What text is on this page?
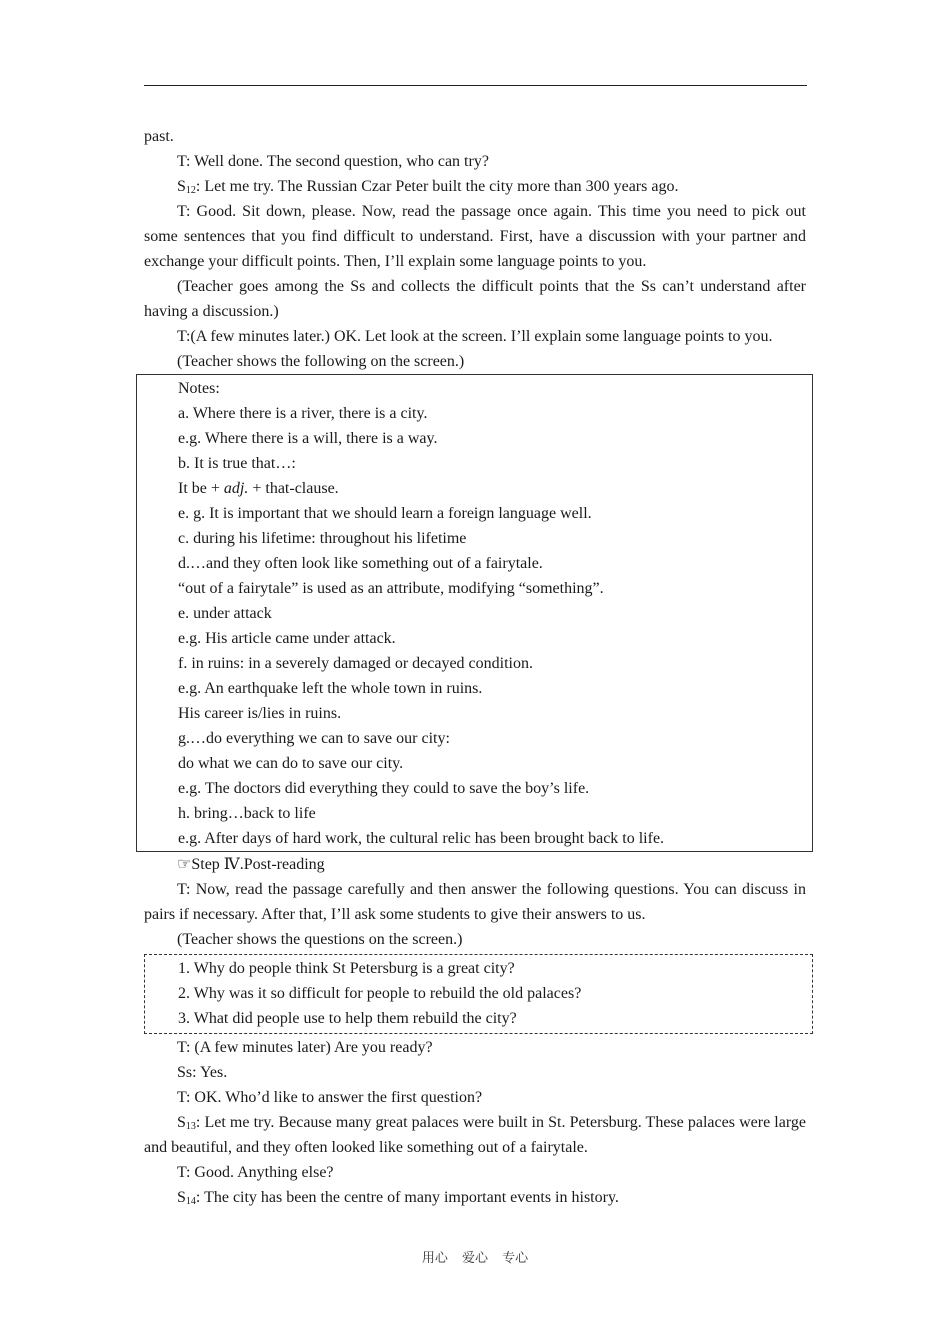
past.

T: Well done. The second question, who can try?

$S_{12}$: Let me try. The Russian Czar Peter built the city more than 300 years ago.

T: Good. Sit down, please. Now, read the passage once again. This time you need to pick out some sentences that you find difficult to understand. First, have a discussion with your partner and exchange your difficult points. Then, I’ll explain some language points to you.

(Teacher goes among the Ss and collects the difficult points that the Ss can’t understand after having a discussion.)

T:(A few minutes later.) OK. Let look at the screen. I’ll explain some language points to you.

(Teacher shows the following on the screen.)

Notes:

a. Where there is a river, there is a city.

e.g. Where there is a will, there is a way.

b. It is true that…:

It be + adj. + that-clause.

e. g. It is important that we should learn a foreign language well.

c. during his lifetime: throughout his lifetime

d.…and they often look like something out of a fairytale.

“out of a fairytale” is used as an attribute, modifying “something”.

e. under attack

e.g. His article came under attack.

f. in ruins: in a severely damaged or decayed condition.

e.g. An earthquake left the whole town in ruins.

His career is/lies in ruins.

g.…do everything we can to save our city:

do what we can do to save our city.

e.g. The doctors did everything they could to save the boy’s life.

h. bring…back to life

e.g. After days of hard work, the cultural relic has been brought back to life.

☞Step Ⅳ.Post-reading

T: Now, read the passage carefully and then answer the following questions. You can discuss in pairs if necessary. After that, I’ll ask some students to give their answers to us.

(Teacher shows the questions on the screen.)

1. Why do people think St Petersburg is a great city?

2. Why was it so difficult for people to rebuild the old palaces?

3. What did people use to help them rebuild the city?

T: (A few minutes later) Are you ready?

Ss: Yes.

T: OK. Who’d like to answer the first question?

$S_{13}$: Let me try. Because many great palaces were built in St. Petersburg. These palaces were large and beautiful, and they often looked like something out of a fairytale.

T: Good. Anything else?

$S_{14}$: The city has been the centre of many important events in history.

用心 爱心 专心
